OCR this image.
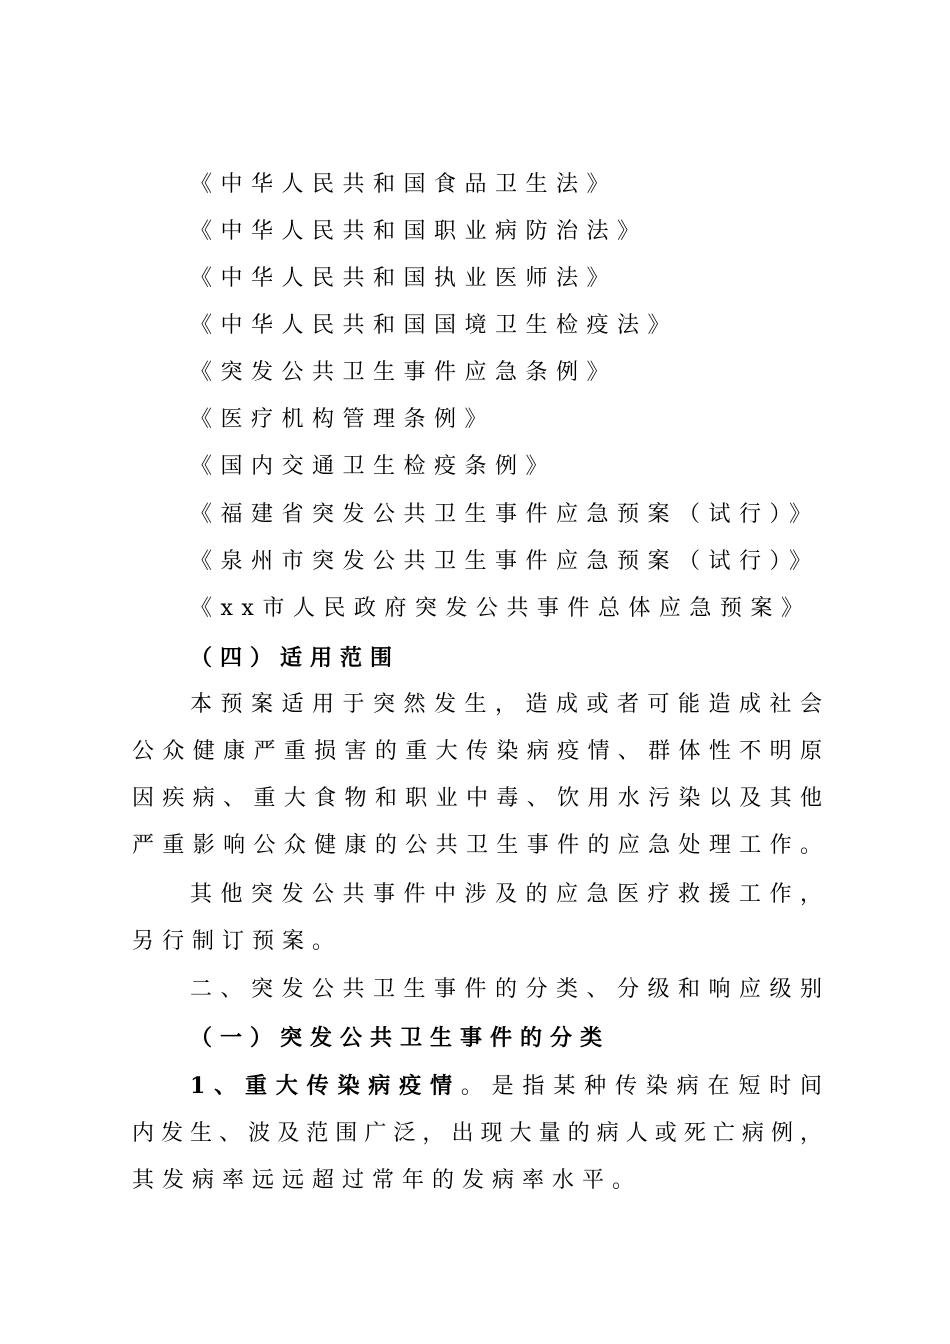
《中华人民共和国食品卫生法》
《中华人民共和国职业病防治法》
《中华人民共和国执业医师法》
《中华人民共和国国境卫生检疫法》
《突发公共卫生事件应急条例》
《医疗机构管理条例》
《国内交通卫生检疫条例》
《福建省突发公共卫生事件应急预案（试行）》
《泉州市突发公共卫生事件应急预案（试行）》
《xx市人民政府突发公共事件总体应急预案》
（四）适用范围
本预案适用于突然发生，造成或者可能造成社会
公众健康严重损害的重大传染病疫情、群体性不明原
因疾病、重大食物和职业中毒、饮用水污染以及其他
严重影响公众健康的公共卫生事件的应急处理工作。
其他突发公共事件中涉及的应急医疗救援工作，
另行制订预案。
二、突发公共卫生事件的分类、分级和响应级别
（一）突发公共卫生事件的分类
1、重大传染病疫情。是指某种传染病在短时间
内发生、波及范围广泛，出现大量的病人或死亡病例，
其发病率远远超过常年的发病率水平。
